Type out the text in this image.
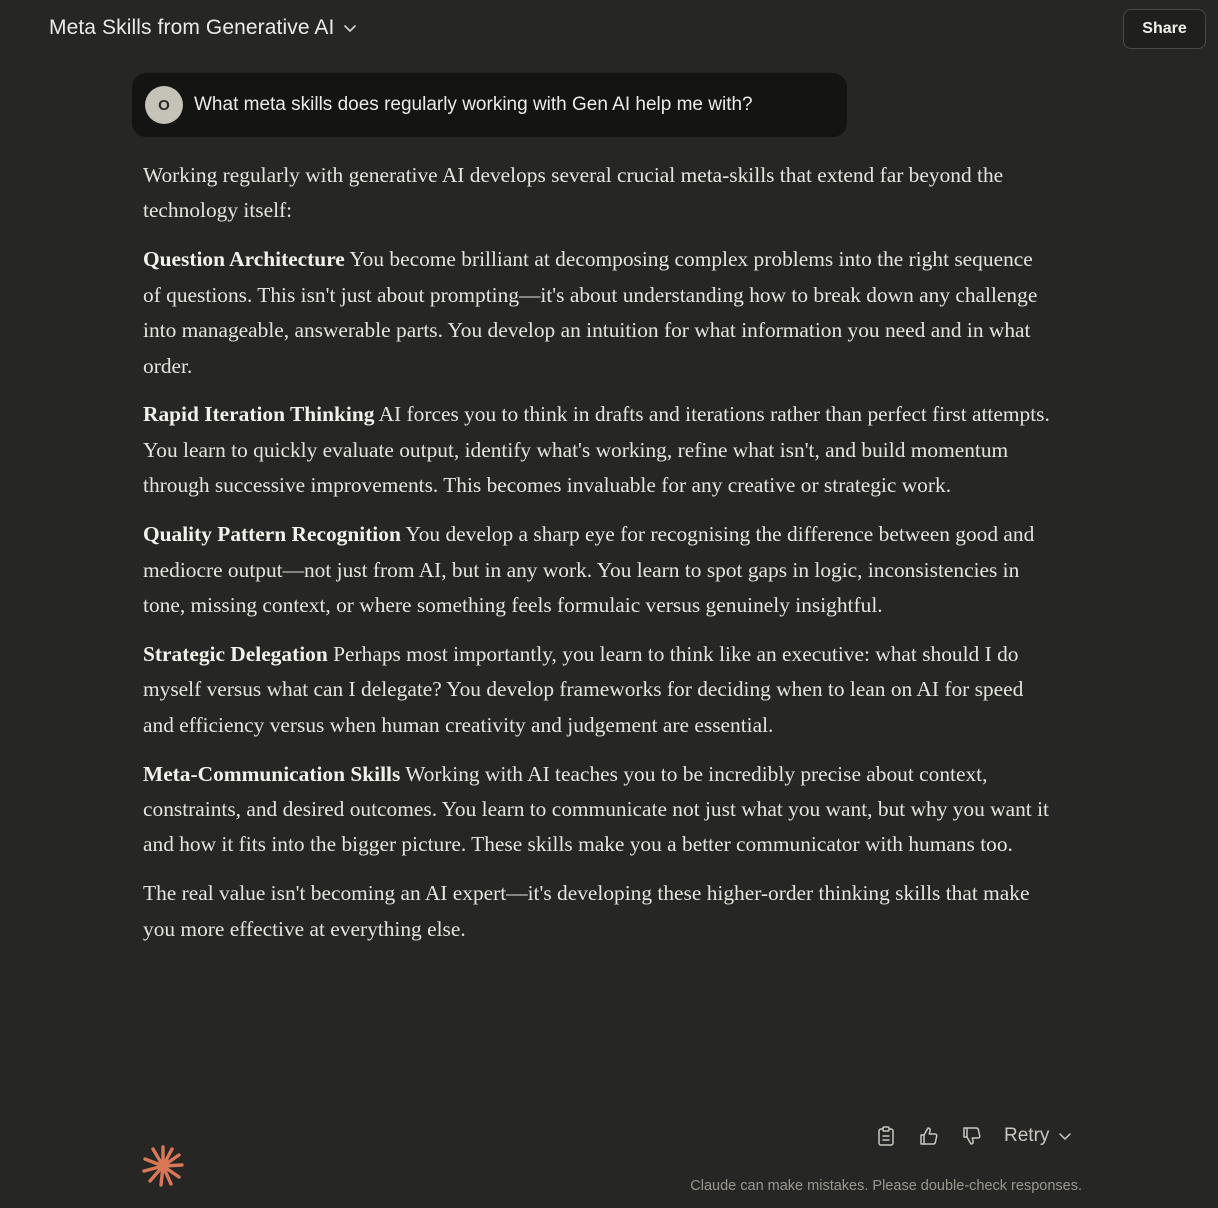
Meta Skills from Generative AI	Share
O	What meta skills does regularly working with Gen AI help me with?

Working regularly with generative AI develops several crucial meta-skills that extend far beyond the technology itself:

Question Architecture You become brilliant at decomposing complex problems into the right sequence of questions. This isn't just about prompting—it's about understanding how to break down any challenge into manageable, answerable parts. You develop an intuition for what information you need and in what order.

Rapid Iteration Thinking AI forces you to think in drafts and iterations rather than perfect first attempts. You learn to quickly evaluate output, identify what's working, refine what isn't, and build momentum through successive improvements. This becomes invaluable for any creative or strategic work.

Quality Pattern Recognition You develop a sharp eye for recognising the difference between good and mediocre output—not just from AI, but in any work. You learn to spot gaps in logic, inconsistencies in tone, missing context, or where something feels formulaic versus genuinely insightful.

Strategic Delegation Perhaps most importantly, you learn to think like an executive: what should I do myself versus what can I delegate? You develop frameworks for deciding when to lean on AI for speed and efficiency versus when human creativity and judgement are essential.

Meta-Communication Skills Working with AI teaches you to be incredibly precise about context, constraints, and desired outcomes. You learn to communicate not just what you want, but why you want it and how it fits into the bigger picture. These skills make you a better communicator with humans too.

The real value isn't becoming an AI expert—it's developing these higher-order thinking skills that make you more effective at everything else.

Retry
Claude can make mistakes. Please double-check responses.
